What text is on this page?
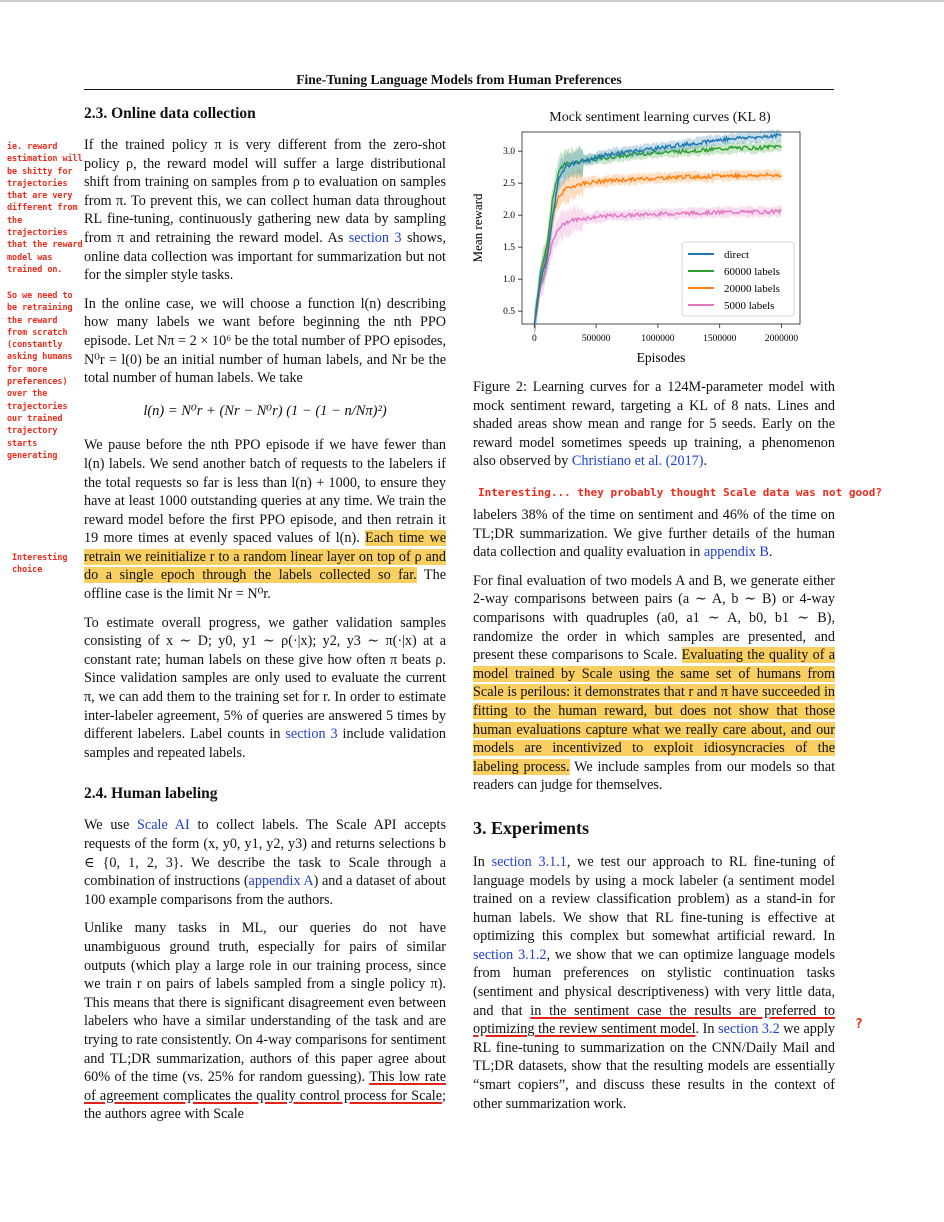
Fine-Tuning Language Models from Human Preferences
ie. reward estimation will be shitty for trajectories that are very different from the trajectories that the reward model was trained on.
So we need to be retraining the reward from scratch (constantly asking humans for more preferences) over the trajectories our trained trajectory starts generating
Interesting choice
Interesting... they probably thought Scale data was not good?
?
2.3. Online data collection

If the trained policy π is very different from the zero-shot policy ρ, the reward model will suffer a large distributional shift from training on samples from ρ to evaluation on samples from π. To prevent this, we can collect human data throughout RL fine-tuning, continuously gathering new data by sampling from π and retraining the reward model. As section 3 shows, online data collection was important for summarization but not for the simpler style tasks.

In the online case, we will choose a function l(n) describing how many labels we want before beginning the nth PPO episode. Let Nπ = 2 × 10⁶ be the total number of PPO episodes, N⁰r = l(0) be an initial number of human labels, and Nr be the total number of human labels. We take

l(n) = N⁰r + (Nr − N⁰r) (1 − (1 − n/Nπ)²)

We pause before the nth PPO episode if we have fewer than l(n) labels. We send another batch of requests to the labelers if the total requests so far is less than l(n) + 1000, to ensure they have at least 1000 outstanding queries at any time. We train the reward model before the first PPO episode, and then retrain it 19 more times at evenly spaced values of l(n). Each time we retrain we reinitialize r to a random linear layer on top of ρ and do a single epoch through the labels collected so far. The offline case is the limit Nr = N⁰r.

To estimate overall progress, we gather validation samples consisting of x ∼ D; y0, y1 ∼ ρ(·|x); y2, y3 ∼ π(·|x) at a constant rate; human labels on these give how often π beats ρ. Since validation samples are only used to evaluate the current π, we can add them to the training set for r. In order to estimate inter-labeler agreement, 5% of queries are answered 5 times by different labelers. Label counts in section 3 include validation samples and repeated labels.

2.4. Human labeling

We use Scale AI to collect labels. The Scale API accepts requests of the form (x, y0, y1, y2, y3) and returns selections b ∈ {0, 1, 2, 3}. We describe the task to Scale through a combination of instructions (appendix A) and a dataset of about 100 example comparisons from the authors.

Unlike many tasks in ML, our queries do not have unambiguous ground truth, especially for pairs of similar outputs (which play a large role in our training process, since we train r on pairs of labels sampled from a single policy π). This means that there is significant disagreement even between labelers who have a similar understanding of the task and are trying to rate consistently. On 4-way comparisons for sentiment and TL;DR summarization, authors of this paper agree about 60% of the time (vs. 25% for random guessing). This low rate of agreement complicates the quality control process for Scale; the authors agree with Scale

Mock sentiment learning curves (KL 8)
0	500000	1000000	1500000	2000000
0.5
1.0
1.5
2.0
2.5
3.0
Episodes
Mean reward	direct
60000 labels
20000 labels
5000 labels
Figure 2: Learning curves for a 124M-parameter model with mock sentiment reward, targeting a KL of 8 nats. Lines and shaded areas show mean and range for 5 seeds. Early on the reward model sometimes speeds up training, a phenomenon also observed by Christiano et al. (2017).

labelers 38% of the time on sentiment and 46% of the time on TL;DR summarization. We give further details of the human data collection and quality evaluation in appendix B.

For final evaluation of two models A and B, we generate either 2-way comparisons between pairs (a ∼ A, b ∼ B) or 4-way comparisons with quadruples (a0, a1 ∼ A, b0, b1 ∼ B), randomize the order in which samples are presented, and present these comparisons to Scale. Evaluating the quality of a model trained by Scale using the same set of humans from Scale is perilous: it demonstrates that r and π have succeeded in fitting to the human reward, but does not show that those human evaluations capture what we really care about, and our models are incentivized to exploit idiosyncracies of the labeling process. We include samples from our models so that readers can judge for themselves.

3. Experiments

In section 3.1.1, we test our approach to RL fine-tuning of language models by using a mock labeler (a sentiment model trained on a review classification problem) as a stand-in for human labels. We show that RL fine-tuning is effective at optimizing this complex but somewhat artificial reward. In section 3.1.2, we show that we can optimize language models from human preferences on stylistic continuation tasks (sentiment and physical descriptiveness) with very little data, and that in the sentiment case the results are preferred to optimizing the review sentiment model. In section 3.2 we apply RL fine-tuning to summarization on the CNN/Daily Mail and TL;DR datasets, show that the resulting models are essentially “smart copiers”, and discuss these results in the context of other summarization work.
